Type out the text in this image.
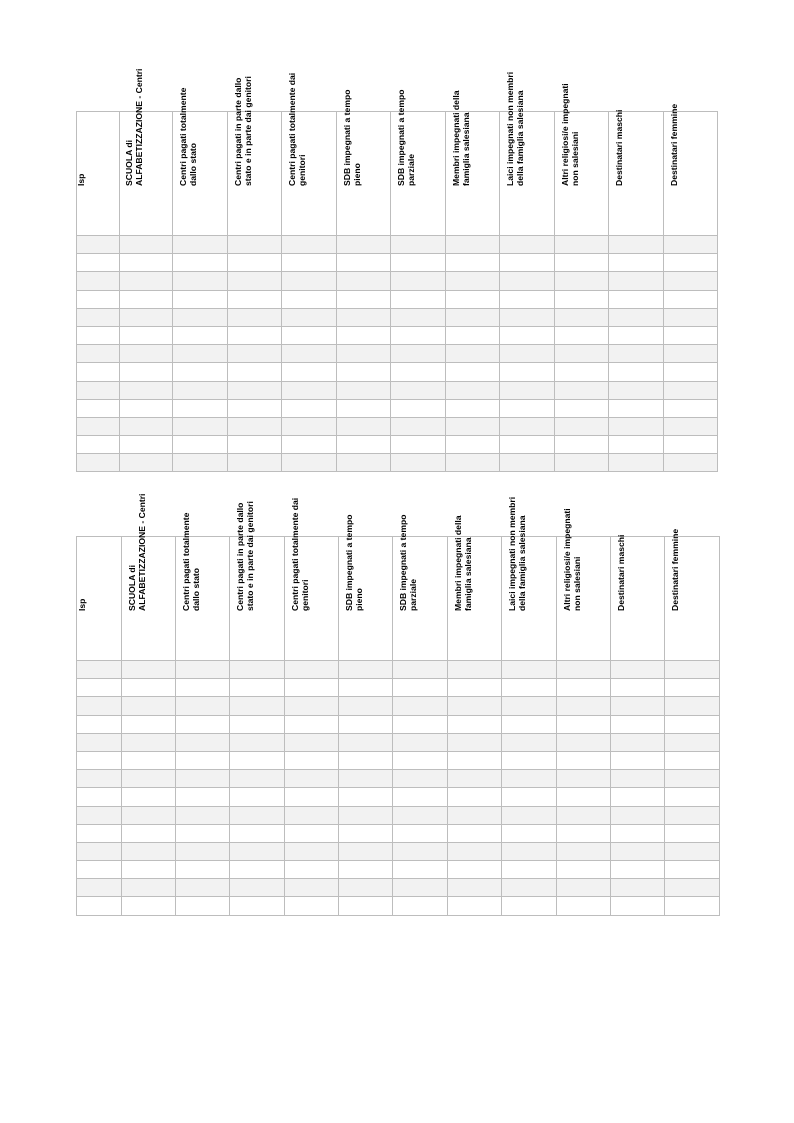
Isp	SCUOLA di ALFABETIZZAZIONE - Centri	Centri pagati totalmente dallo stato	Centri pagati in parte dallo stato e in parte dai genitori	Centri pagati totalmente dai genitori	SDB impegnati a tempo pieno	SDB impegnati a tempo parziale	Membri impegnati della famiglia salesiana	Laici impegnati non membri della famiglia salesiana	Altri religiosi/e impegnati non salesiani	Destinatari maschi	Destinatari femmine

Isp	SCUOLA di ALFABETIZZAZIONE - Centri	Centri pagati totalmente dallo stato	Centri pagati in parte dallo stato e in parte dai genitori	Centri pagati totalmente dai genitori	SDB impegnati a tempo pieno	SDB impegnati a tempo parziale	Membri impegnati della famiglia salesiana	Laici impegnati non membri della famiglia salesiana	Altri religiosi/e impegnati non salesiani	Destinatari maschi	Destinatari femmine
